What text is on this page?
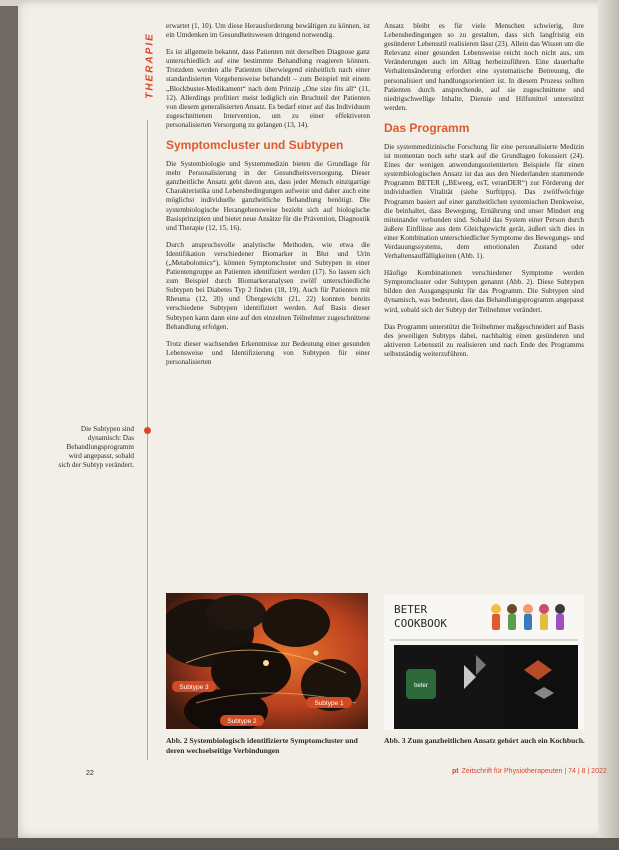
THERAPIE

erwartet (1, 10). Um diese Herausforderung bewältigen zu können, ist ein Umdenken im Gesundheitswesen dringend notwendig.

Es ist allgemein bekannt, dass Patienten mit derselben Diagnose ganz unterschiedlich auf eine bestimmte Behandlung reagieren können. Trotzdem werden alle Patienten überwiegend einheitlich nach einer standardisierten Vorgehensweise behandelt – zum Beispiel mit einem „Blockbuster-Medikament“ nach dem Prinzip „One size fits all“ (11, 12). Allerdings profitiert meist lediglich ein Bruchteil der Patienten von diesem generalisierten Ansatz. Es bedarf einer auf das Individuum zugeschnittenen Intervention, um zu einer effektiveren personalisierten Versorgung zu gelangen (13, 14).

Symptomcluster und Subtypen

Die Systembiologie und Systemmedizin bieten die Grundlage für mehr Personalisierung in der Gesundheitsversorgung. Dieser ganzheitliche Ansatz geht davon aus, dass jeder Mensch einzigartige Charakteristika und Lebensbedingungen aufweist und daher auch eine möglichst individuelle ganzheitliche Behandlung benötigt. Die systembiologische Herangehensweise bezieht sich auf biologische Basisprinzipien und bietet neue Ansätze für die Prävention, Diagnostik und Therapie (12, 15, 16).

Durch anspruchsvolle analytische Methoden, wie etwa die Identifikation verschiedener Biomarker in Blut und Urin („Metabolomics“), können Symptomcluster und Subtypen in einer Patientengruppe an Patienten identifiziert werden (17). So lassen sich zum Beispiel durch Biomarkeranalysen zwölf unterschiedliche Subtypen bei Diabetes Typ 2 finden (18, 19). Auch für Patienten mit Rheuma (12, 20) und Übergewicht (21, 22) konnten bereits verschiedene Subtypen identifiziert werden. Auf Basis dieser Subtypen kann dann eine auf den einzelnen Teilnehmer zugeschnittene Behandlung erfolgen.

Trotz dieser wachsenden Erkenntnisse zur Bedeutung einer gesunden Lebensweise und Identifizierung von Subtypen für einer personalisierten

Die Subtypen sind dynamisch: Das Behandlungsprogramm wird angepasst, sobald sich der Subtyp verändert.

Ansatz bleibt es für viele Menschen schwierig, ihre Lebensbedingungen so zu gestalten, dass sich langfristig ein gesünderer Lebensstil realisieren lässt (23). Allein das Wissen um die Relevanz einer gesunden Lebensweise reicht noch nicht aus, um Veränderungen auch im Alltag herbeizuführen. Eine dauerhafte Verhaltensänderung erfordert eine systematische Betreuung, die personalisiert und handlungsorientiert ist. In diesem Prozess sollten Patienten durch ansprechende, auf sie zugeschnittene und niedrigschwellige Inhalte, Dienste und Hilfsmittel unterstützt werden.

Das Programm

Die systemmedizinische Forschung für eine personalisierte Medizin ist momentan noch sehr stark auf die Grundlagen fokussiert (24). Eines der wenigen anwendungsorientierten Beispiele für einen systembiologischen Ansatz ist das aus den Niederlanden stammende Programm BETER („BEweeg, esT, veranDER“) zur Förderung der individuellen Vitalität (siehe Surftipps). Das zwölfwöchige Programm basiert auf einer ganzheitlichen systemischen Denkweise, die beinhaltet, dass Bewegung, Ernährung und unser Mindset eng miteinander verbunden sind. Sobald das System einer Person durch äußere Einflüsse aus dem Gleichgewicht gerät, äußert sich dies in einer Kombination unterschiedlicher Symptome des Bewegungs- und Verdauungssystems, dem emotionalen Zustand oder Verhaltensauffälligkeiten (Abb. 1).

Häufige Kombinationen verschiedener Symptome werden Symptomcluster oder Subtypen genannt (Abb. 2). Diese Subtypen bilden den Ausgangspunkt für das Programm. Die Subtypen sind dynamisch, was bedeutet, dass das Behandlungsprogramm angepasst wird, sobald sich der Subtyp der Teilnehmer verändert.

Das Programm unterstützt die Teilnehmer maßgeschneidert auf Basis des jeweiligen Subtyps dabei, nachhaltig einen gesünderen und aktiveren Lebensstil zu realisieren und nach Ende des Programms selbstständig weiterzuführen.

Subtype 1
Subtype 2
Subtype 3
Abb. 2 Systembiologisch identifizierte Symptomcluster und deren wechselseitige Verbindungen
BETER
COOKBOOK
beter
Abb. 3 Zum ganzheitlichen Ansatz gehört auch ein Kochbuch.
22	pt Zeitschrift für Physiotherapeuten | 74 | 8 | 2022
